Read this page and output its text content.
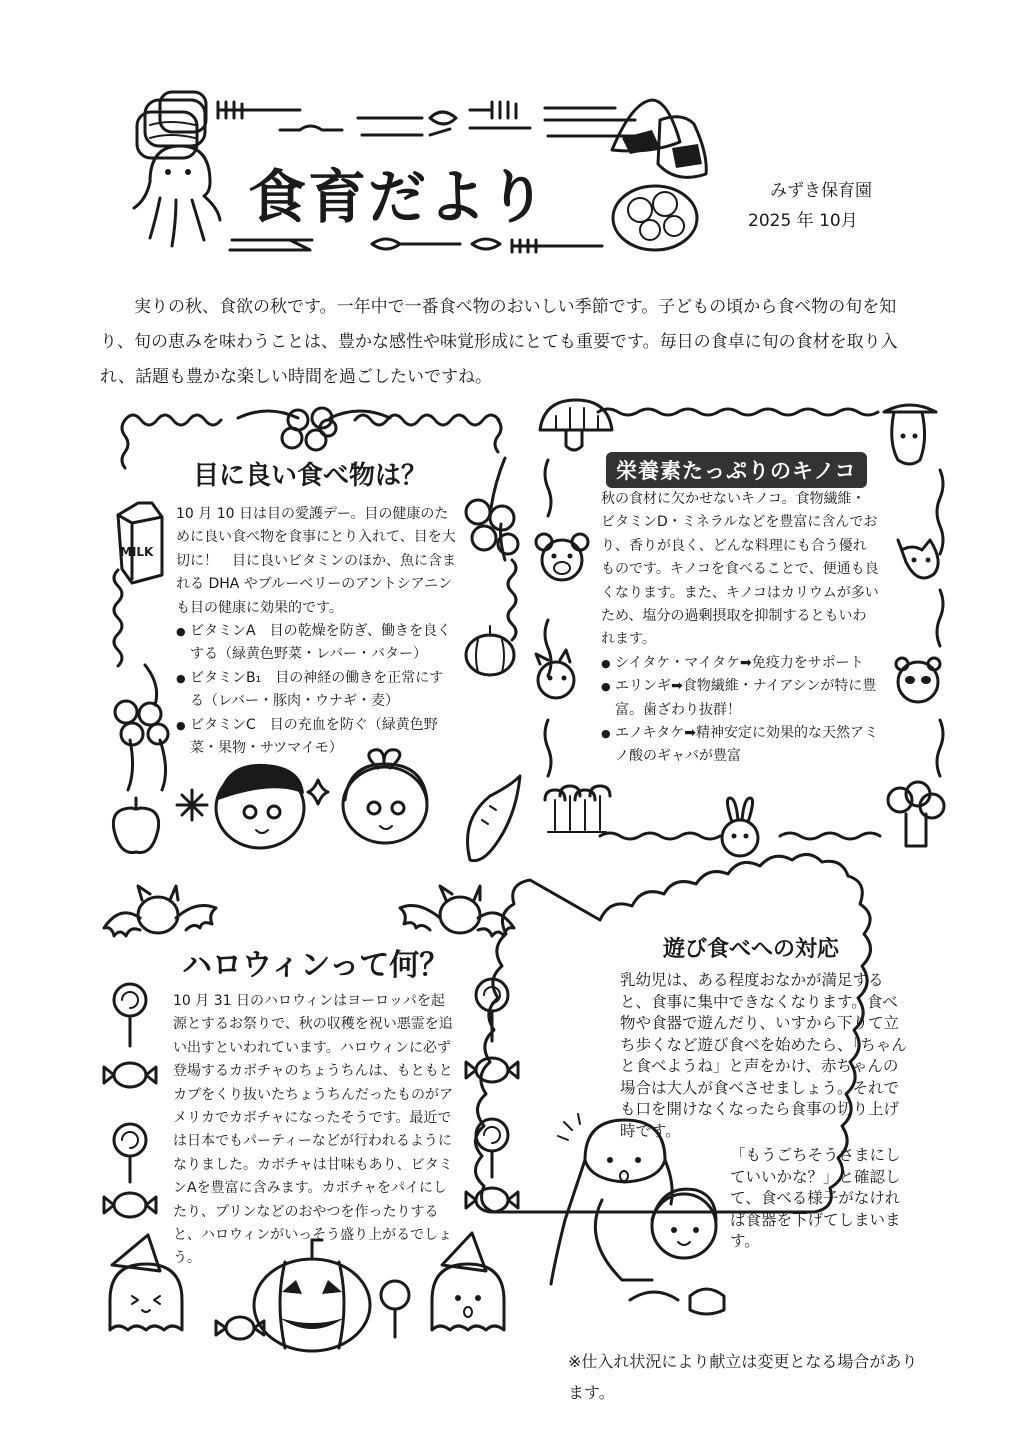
食育だより	みずき保育園
2025 年 10月

実りの秋、食欲の秋です。一年中で一番食べ物のおいしい季節です。子どもの頃から食べ物の旬を知り、旬の恵みを味わうことは、豊かな感性や味覚形成にとても重要です。毎日の食卓に旬の食材を取り入れ、話題も豊かな楽しい時間を過ごしたいですね。

MILK
目に良い食べ物は？
10 月 10 日は目の愛護デー。目の健康のために良い食べ物を食事にとり入れて、目を大切に！　目に良いビタミンのほか、魚に含まれる DHA やブルーベリーのアントシアニンも目の健康に効果的です。
● ビタミンA　目の乾燥を防ぎ、働きを良くする（緑黄色野菜・レバー・バター）
● ビタミンB₁　目の神経の働きを正常にする（レバー・豚肉・ウナギ・麦）
● ビタミンC　目の充血を防ぐ（緑黄色野菜・果物・サツマイモ）
栄養素たっぷりのキノコ
秋の食材に欠かせないキノコ。食物繊維・ビタミンD・ミネラルなどを豊富に含んでおり、香りが良く、どんな料理にも合う優れものです。キノコを食べることで、便通も良くなります。また、キノコはカリウムが多いため、塩分の過剰摂取を抑制するともいわれます。
● シイタケ・マイタケ➡免疫力をサポート
● エリンギ➡食物繊維・ナイアシンが特に豊富。歯ざわり抜群！
● エノキタケ➡精神安定に効果的な天然アミノ酸のギャバが豊富
ハロウィンって何？
10 月 31 日のハロウィンはヨーロッパを起源とするお祭りで、秋の収穫を祝い悪霊を追い出すといわれています。ハロウィンに必ず登場するカボチャのちょうちんは、もともとカブをくり抜いたちょうちんだったものがアメリカでカボチャになったそうです。最近では日本でもパーティーなどが行われるようになりました。カボチャは甘味もあり、ビタミンAを豊富に含みます。カボチャをパイにしたり、プリンなどのおやつを作ったりすると、ハロウィンがいっそう盛り上がるでしょう。
遊び食べへの対応
乳幼児は、ある程度おなかが満足すると、食事に集中できなくなります。食べ物や食器で遊んだり、いすから下りて立ち歩くなど遊び食べを始めたら、「ちゃんと食べようね」と声をかけ、赤ちゃんの場合は大人が食べさせましょう。それでも口を開けなくなったら食事の切り上げ時です。
「もうごちそうさまにしていいかな？」と確認して、食べる様子がなければ食器を下げてしまいます。
※仕入れ状況により献立は変更となる場合があります。
